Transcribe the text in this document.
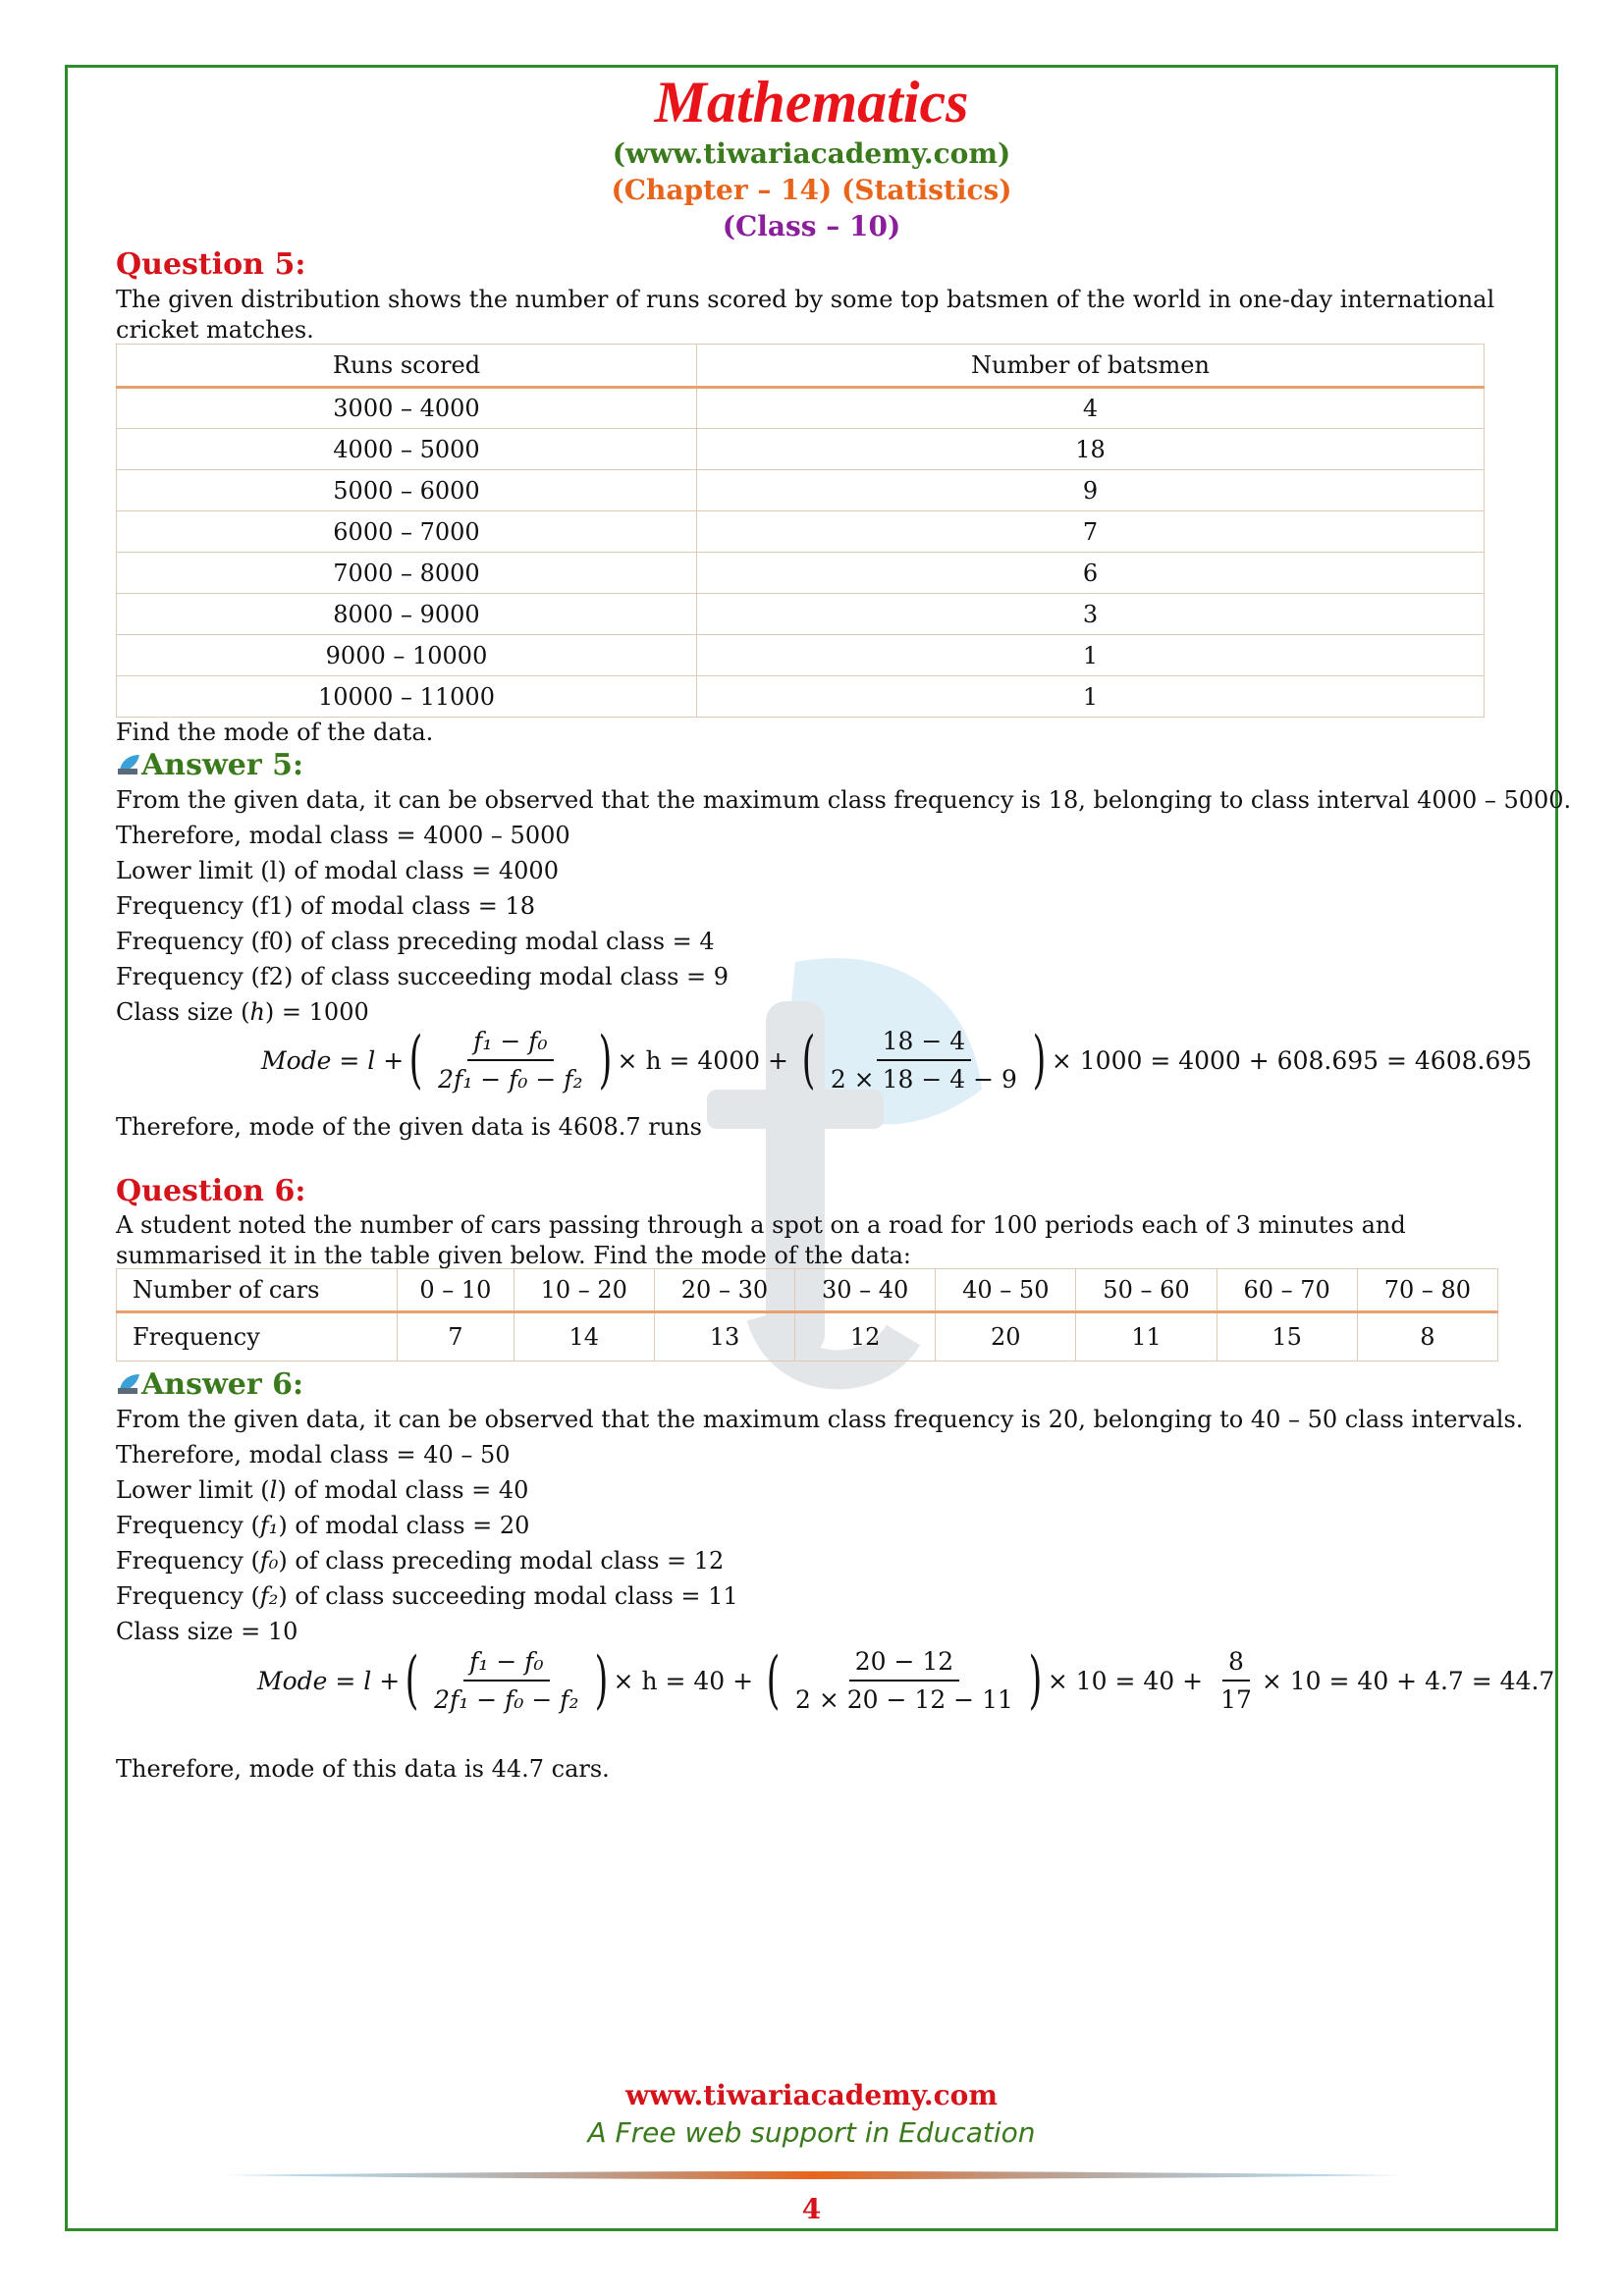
Mathematics
(www.tiwariacademy.com)
(Chapter – 14) (Statistics)
(Class – 10)
Question 5:
The given distribution shows the number of runs scored by some top batsmen of the world in one-day international cricket matches.
Runs scored	Number of batsmen
3000 – 4000	4
4000 – 5000	18
5000 – 6000	9
6000 – 7000	7
7000 – 8000	6
8000 – 9000	3
9000 – 10000	1
10000 – 11000	1
Find the mode of the data.
Answer 5:
From the given data, it can be observed that the maximum class frequency is 18, belonging to class interval 4000 – 5000.
Therefore, modal class = 4000 – 5000
Lower limit (l) of modal class = 4000
Frequency (f1) of modal class = 18
Frequency (f0) of class preceding modal class = 4
Frequency (f2) of class succeeding modal class = 9
Class size (h) = 1000
Mode = l + ( $\frac{\text{f₁ − f₀}}{\text{2f₁ − f₀ − f₂}}$ ) × h = 4000 + ( $\frac{18 - 4}{2 \times 18 - 4 - 9}$ ) × 1000 = 4000 + 608.695 = 4608.695
Therefore, mode of the given data is 4608.7 runs
Question 6:
A student noted the number of cars passing through a spot on a road for 100 periods each of 3 minutes and summarised it in the table given below. Find the mode of the data:
Number of cars	0 – 10	10 – 20	20 – 30	30 – 40	40 – 50	50 – 60	60 – 70	70 – 80
Frequency	7	14	13	12	20	11	15	8
Answer 6:
From the given data, it can be observed that the maximum class frequency is 20, belonging to 40 – 50 class intervals.
Therefore, modal class = 40 – 50
Lower limit (l) of modal class = 40
Frequency (f₁) of modal class = 20
Frequency (f₀) of class preceding modal class = 12
Frequency (f₂) of class succeeding modal class = 11
Class size = 10
Mode = l + ( $\frac{\text{f₁ − f₀}}{\text{2f₁ − f₀ − f₂}}$ ) × h = 40 + ( $\frac{20 - 12}{2 \times 20 - 12 - 11}$ ) × $10 = 40 + \frac{8}{17} \times 10 = 40 + 4.7 = 44.7$
Therefore, mode of this data is 44.7 cars.
www.tiwariacademy.com
A Free web support in Education
4
